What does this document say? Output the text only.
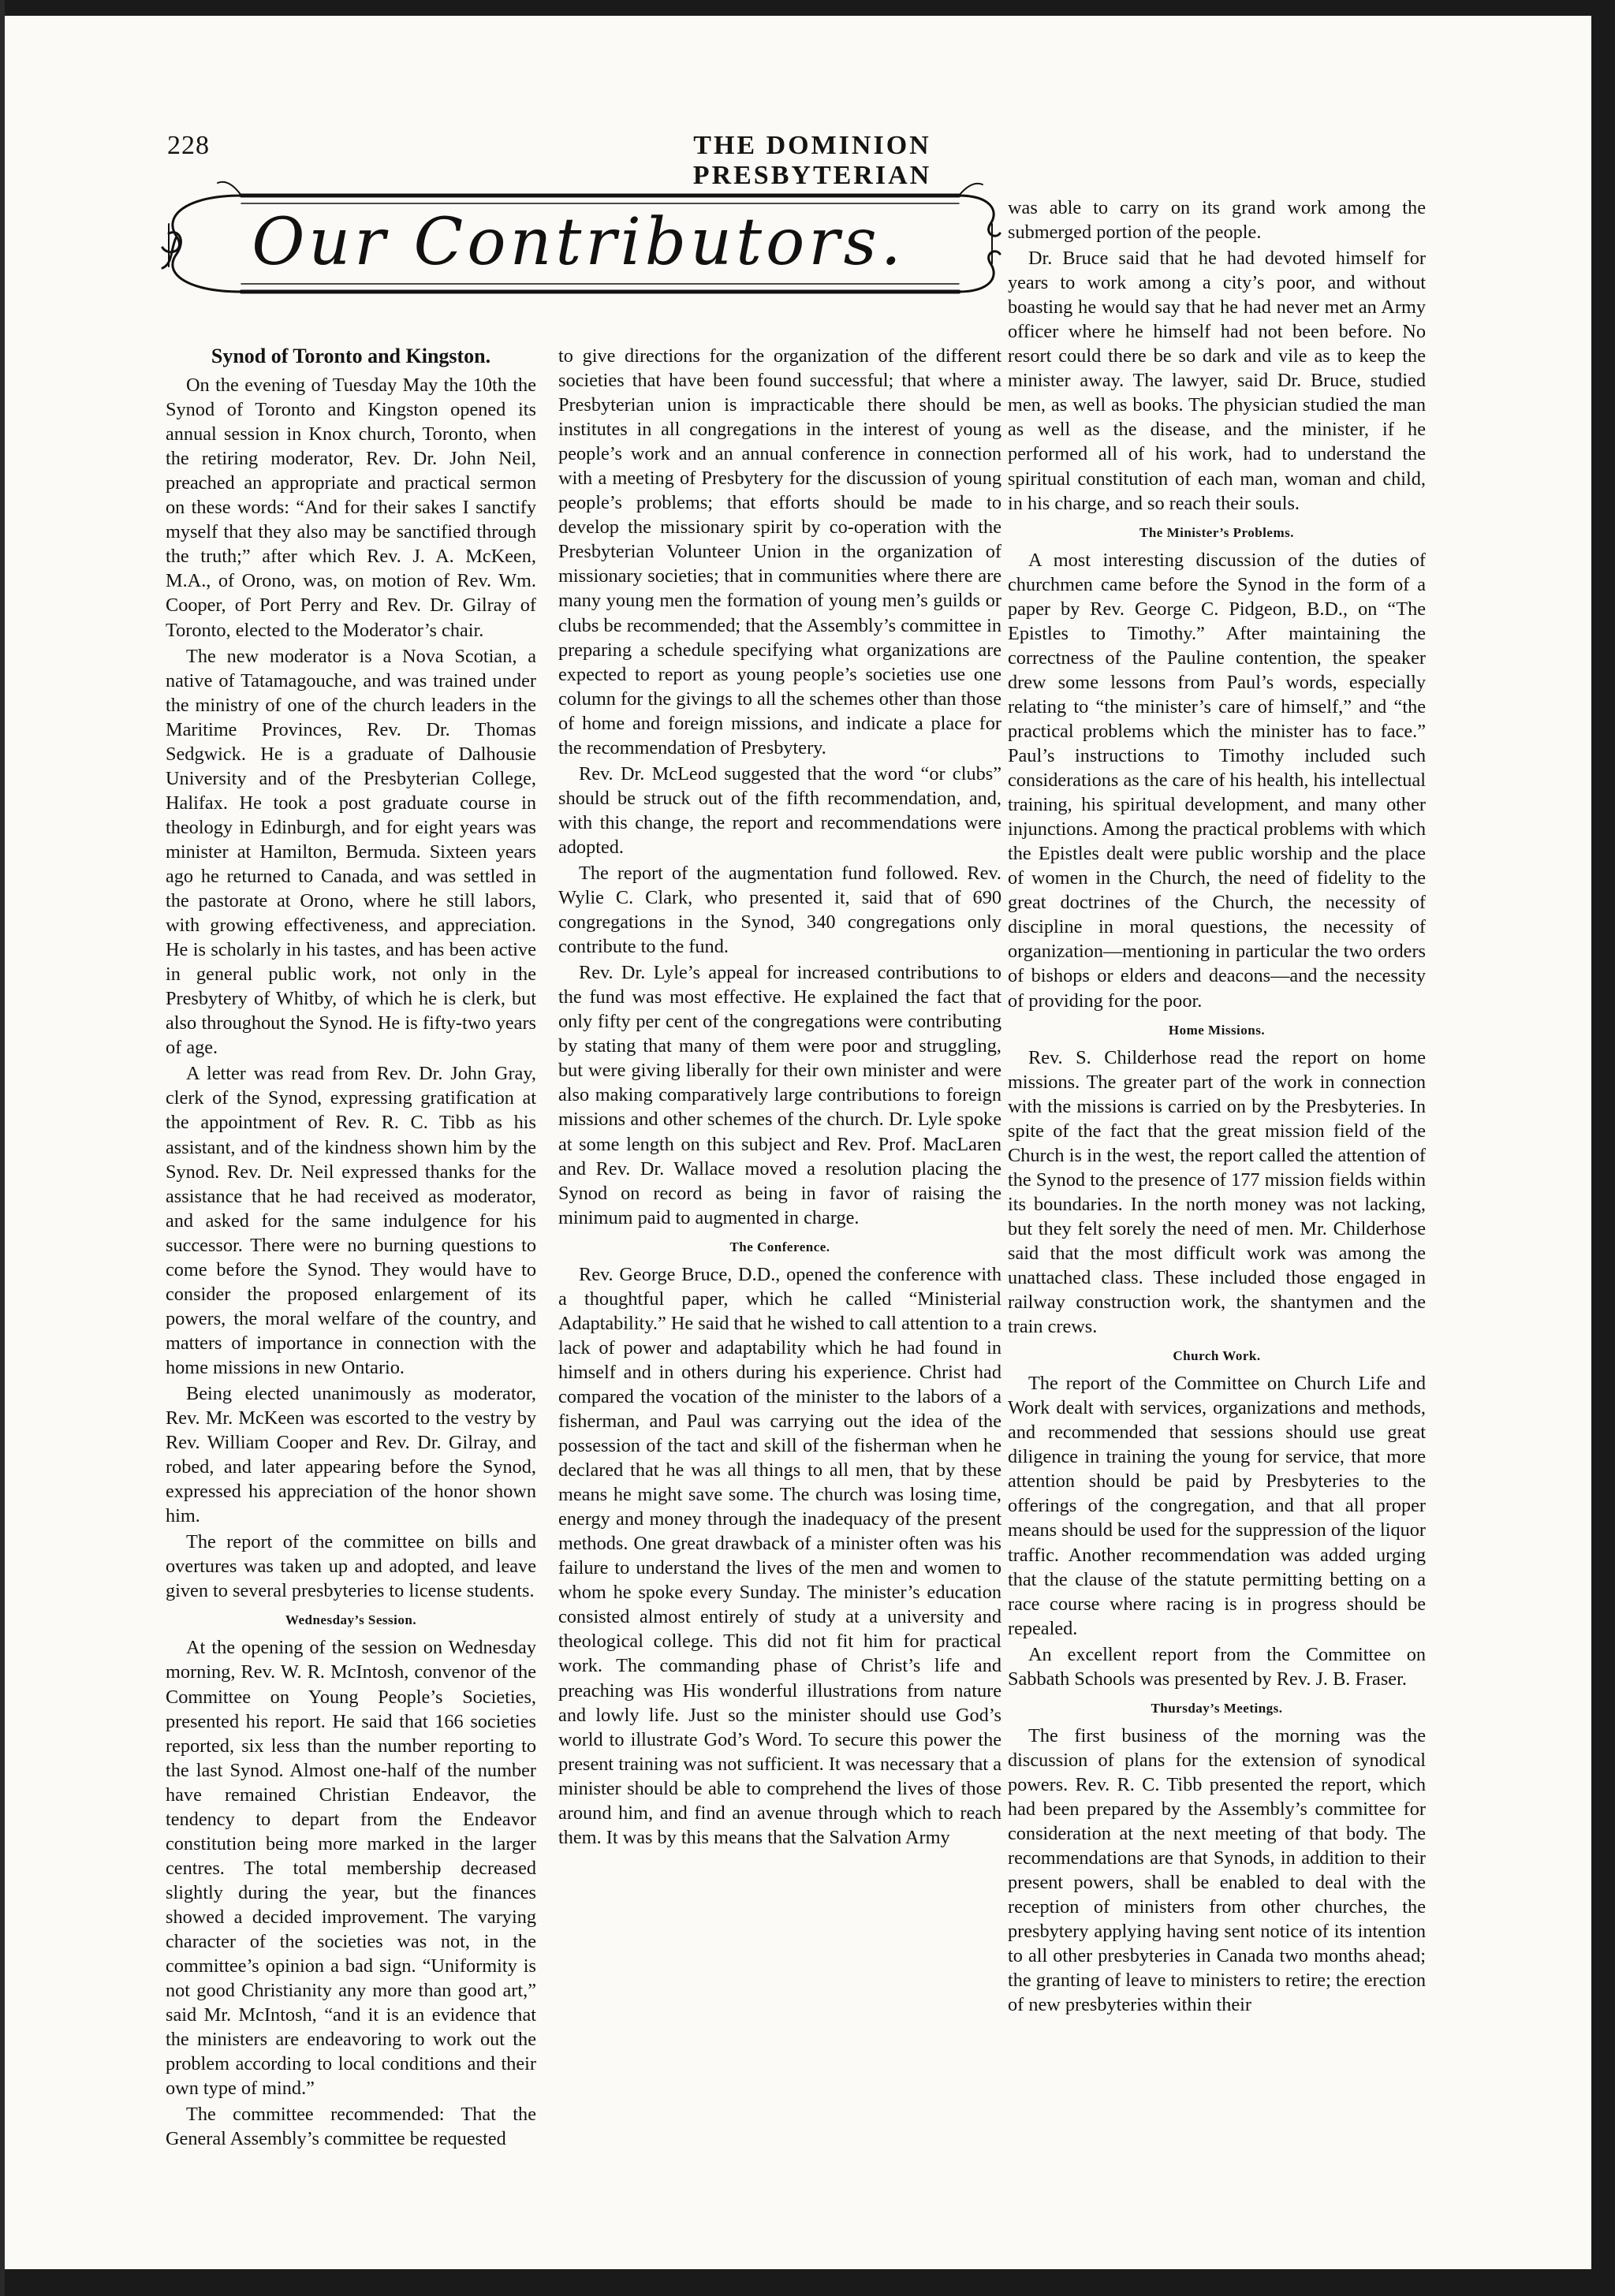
228	THE DOMINION PRESBYTERIAN
Our Contributors.
Synod of Toronto and Kingston.

On the evening of Tuesday May the 10th the Synod of Toronto and Kingston opened its annual session in Knox church, Toronto, when the retiring moderator, Rev. Dr. John Neil, preached an appropriate and practical sermon on these words: “And for their sakes I sanctify myself that they also may be sanctified through the truth;” after which Rev. J. A. McKeen, M.A., of Orono, was, on motion of Rev. Wm. Cooper, of Port Perry and Rev. Dr. Gilray of Toronto, elected to the Moderator’s chair.

The new moderator is a Nova Scotian, a native of Tatamagouche, and was trained under the ministry of one of the church leaders in the Maritime Provinces, Rev. Dr. Thomas Sedgwick. He is a graduate of Dalhousie University and of the Presbyterian College, Halifax. He took a post graduate course in theology in Edinburgh, and for eight years was minister at Hamilton, Bermuda. Sixteen years ago he returned to Canada, and was settled in the pastorate at Orono, where he still labors, with growing effectiveness, and appreciation. He is scholarly in his tastes, and has been active in general public work, not only in the Presbytery of Whitby, of which he is clerk, but also throughout the Synod. He is fifty-two years of age.

A letter was read from Rev. Dr. John Gray, clerk of the Synod, expressing gratification at the appointment of Rev. R. C. Tibb as his assistant, and of the kindness shown him by the Synod. Rev. Dr. Neil expressed thanks for the assistance that he had received as moderator, and asked for the same indulgence for his successor. There were no burning questions to come before the Synod. They would have to consider the proposed enlargement of its powers, the moral welfare of the country, and matters of importance in connection with the home missions in new Ontario.

Being elected unanimously as moderator, Rev. Mr. McKeen was escorted to the vestry by Rev. William Cooper and Rev. Dr. Gilray, and robed, and later appearing before the Synod, expressed his appreciation of the honor shown him.

The report of the committee on bills and overtures was taken up and adopted, and leave given to several presbyteries to license students.

Wednesday’s Session.

At the opening of the session on Wednesday morning, Rev. W. R. McIntosh, convenor of the Committee on Young People’s Societies, presented his report. He said that 166 societies reported, six less than the number reporting to the last Synod. Almost one-half of the number have remained Christian Endeavor, the tendency to depart from the Endeavor constitution being more marked in the larger centres. The total membership decreased slightly during the year, but the finances showed a decided improvement. The varying character of the societies was not, in the committee’s opinion a bad sign. “Uniformity is not good Christianity any more than good art,” said Mr. McIntosh, “and it is an evidence that the ministers are endeavoring to work out the problem according to local conditions and their own type of mind.”

The committee recommended: That the General Assembly’s committee be requested

to give directions for the organization of the different societies that have been found successful; that where a Presbyterian union is impracticable there should be institutes in all congregations in the interest of young people’s work and an annual conference in connection with a meeting of Presbytery for the discussion of young people’s problems; that efforts should be made to develop the missionary spirit by co-operation with the Presbyterian Volunteer Union in the organization of missionary societies; that in communities where there are many young men the formation of young men’s guilds or clubs be recommended; that the Assembly’s committee in preparing a schedule specifying what organizations are expected to report as young people’s societies use one column for the givings to all the schemes other than those of home and foreign missions, and indicate a place for the recommendation of Presbytery.

Rev. Dr. McLeod suggested that the word “or clubs” should be struck out of the fifth recommendation, and, with this change, the report and recommendations were adopted.

The report of the augmentation fund followed. Rev. Wylie C. Clark, who presented it, said that of 690 congregations in the Synod, 340 congregations only contribute to the fund.

Rev. Dr. Lyle’s appeal for increased contributions to the fund was most effective. He explained the fact that only fifty per cent of the congregations were contributing by stating that many of them were poor and struggling, but were giving liberally for their own minister and were also making comparatively large contributions to foreign missions and other schemes of the church. Dr. Lyle spoke at some length on this subject and Rev. Prof. MacLaren and Rev. Dr. Wallace moved a resolution placing the Synod on record as being in favor of raising the minimum paid to augmented in charge.

The Conference.

Rev. George Bruce, D.D., opened the conference with a thoughtful paper, which he called “Ministerial Adaptability.” He said that he wished to call attention to a lack of power and adaptability which he had found in himself and in others during his experience. Christ had compared the vocation of the minister to the labors of a fisherman, and Paul was carrying out the idea of the possession of the tact and skill of the fisherman when he declared that he was all things to all men, that by these means he might save some. The church was losing time, energy and money through the inadequacy of the present methods. One great drawback of a minister often was his failure to understand the lives of the men and women to whom he spoke every Sunday. The minister’s education consisted almost entirely of study at a university and theological college. This did not fit him for practical work. The commanding phase of Christ’s life and preaching was His wonderful illustrations from nature and lowly life. Just so the minister should use God’s world to illustrate God’s Word. To secure this power the present training was not sufficient. It was necessary that a minister should be able to comprehend the lives of those around him, and find an avenue through which to reach them. It was by this means that the Salvation Army

was able to carry on its grand work among the submerged portion of the people.

Dr. Bruce said that he had devoted himself for years to work among a city’s poor, and without boasting he would say that he had never met an Army officer where he himself had not been before. No resort could there be so dark and vile as to keep the minister away. The lawyer, said Dr. Bruce, studied men, as well as books. The physician studied the man as well as the disease, and the minister, if he performed all of his work, had to understand the spiritual constitution of each man, woman and child, in his charge, and so reach their souls.

The Minister’s Problems.

A most interesting discussion of the duties of churchmen came before the Synod in the form of a paper by Rev. George C. Pidgeon, B.D., on “The Epistles to Timothy.” After maintaining the correctness of the Pauline contention, the speaker drew some lessons from Paul’s words, especially relating to “the minister’s care of himself,” and “the practical problems which the minister has to face.” Paul’s instructions to Timothy included such considerations as the care of his health, his intellectual training, his spiritual development, and many other injunctions. Among the practical problems with which the Epistles dealt were public worship and the place of women in the Church, the need of fidelity to the great doctrines of the Church, the necessity of discipline in moral questions, the necessity of organization—mentioning in particular the two orders of bishops or elders and deacons—and the necessity of providing for the poor.

Home Missions.

Rev. S. Childerhose read the report on home missions. The greater part of the work in connection with the missions is carried on by the Presbyteries. In spite of the fact that the great mission field of the Church is in the west, the report called the attention of the Synod to the presence of 177 mission fields within its boundaries. In the north money was not lacking, but they felt sorely the need of men. Mr. Childerhose said that the most difficult work was among the unattached class. These included those engaged in railway construction work, the shantymen and the train crews.

Church Work.

The report of the Committee on Church Life and Work dealt with services, organizations and methods, and recommended that sessions should use great diligence in training the young for service, that more attention should be paid by Presbyteries to the offerings of the congregation, and that all proper means should be used for the suppression of the liquor traffic. Another recommendation was added urging that the clause of the statute permitting betting on a race course where racing is in progress should be repealed.

An excellent report from the Committee on Sabbath Schools was presented by Rev. J. B. Fraser.

Thursday’s Meetings.

The first business of the morning was the discussion of plans for the extension of synodical powers. Rev. R. C. Tibb presented the report, which had been prepared by the Assembly’s committee for consideration at the next meeting of that body. The recommendations are that Synods, in addition to their present powers, shall be enabled to deal with the reception of ministers from other churches, the presbytery applying having sent notice of its intention to all other presbyteries in Canada two months ahead; the granting of leave to ministers to retire; the erection of new presbyteries within their
